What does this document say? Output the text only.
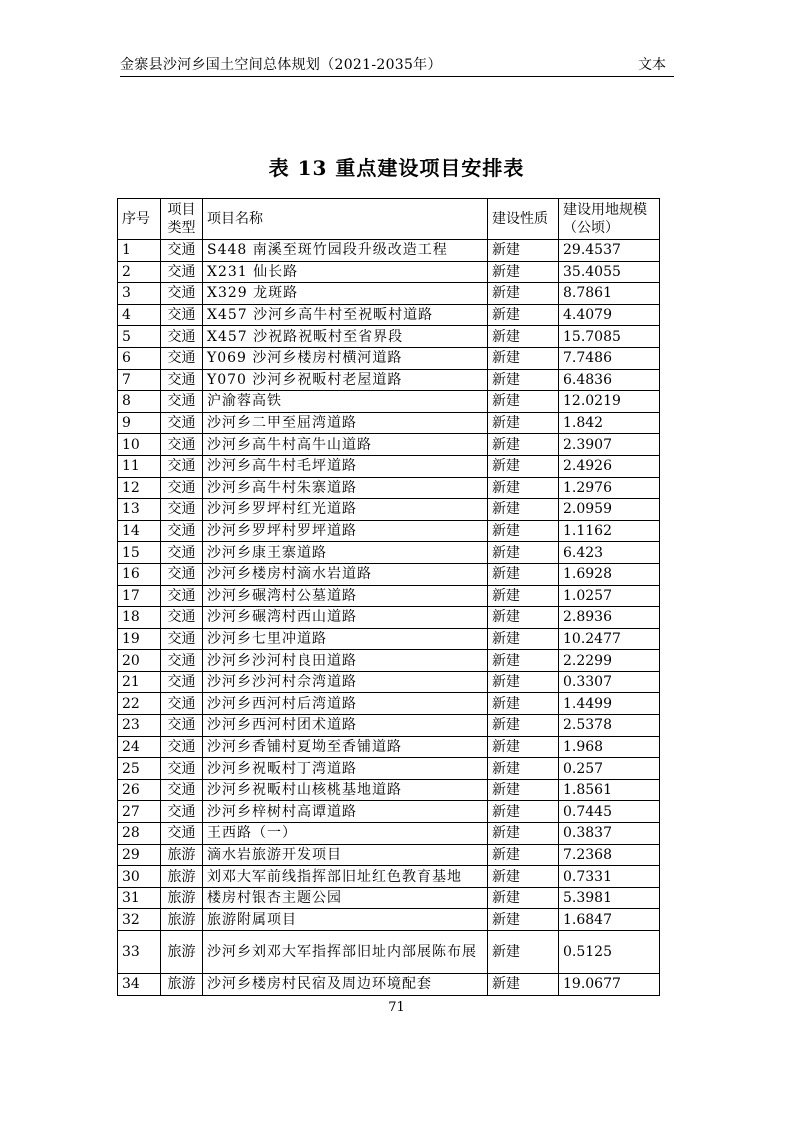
金寨县沙河乡国土空间总体规划（2021-2035年）	文本
表 13 重点建设项目安排表
序号	项目类型	项目名称	建设性质	建设用地规模（公顷）
1	交通	S448 南溪至斑竹园段升级改造工程	新建	29.4537
2	交通	X231 仙长路	新建	35.4055
3	交通	X329 龙斑路	新建	8.7861
4	交通	X457 沙河乡高牛村至祝畈村道路	新建	4.4079
5	交通	X457 沙祝路祝畈村至省界段	新建	15.7085
6	交通	Y069 沙河乡楼房村横河道路	新建	7.7486
7	交通	Y070 沙河乡祝畈村老屋道路	新建	6.4836
8	交通	沪渝蓉高铁	新建	12.0219
9	交通	沙河乡二甲至屈湾道路	新建	1.842
10	交通	沙河乡高牛村高牛山道路	新建	2.3907
11	交通	沙河乡高牛村毛坪道路	新建	2.4926
12	交通	沙河乡高牛村朱寨道路	新建	1.2976
13	交通	沙河乡罗坪村红光道路	新建	2.0959
14	交通	沙河乡罗坪村罗坪道路	新建	1.1162
15	交通	沙河乡康王寨道路	新建	6.423
16	交通	沙河乡楼房村滴水岩道路	新建	1.6928
17	交通	沙河乡碾湾村公墓道路	新建	1.0257
18	交通	沙河乡碾湾村西山道路	新建	2.8936
19	交通	沙河乡七里冲道路	新建	10.2477
20	交通	沙河乡沙河村良田道路	新建	2.2299
21	交通	沙河乡沙河村佘湾道路	新建	0.3307
22	交通	沙河乡西河村后湾道路	新建	1.4499
23	交通	沙河乡西河村团术道路	新建	2.5378
24	交通	沙河乡香铺村夏坳至香铺道路	新建	1.968
25	交通	沙河乡祝畈村丁湾道路	新建	0.257
26	交通	沙河乡祝畈村山核桃基地道路	新建	1.8561
27	交通	沙河乡梓树村高谭道路	新建	0.7445
28	交通	王西路（一）	新建	0.3837
29	旅游	滴水岩旅游开发项目	新建	7.2368
30	旅游	刘邓大军前线指挥部旧址红色教育基地	新建	0.7331
31	旅游	楼房村银杏主题公园	新建	5.3981
32	旅游	旅游附属项目	新建	1.6847
33	旅游	沙河乡刘邓大军指挥部旧址内部展陈布展	新建	0.5125
34	旅游	沙河乡楼房村民宿及周边环境配套	新建	19.0677
71
